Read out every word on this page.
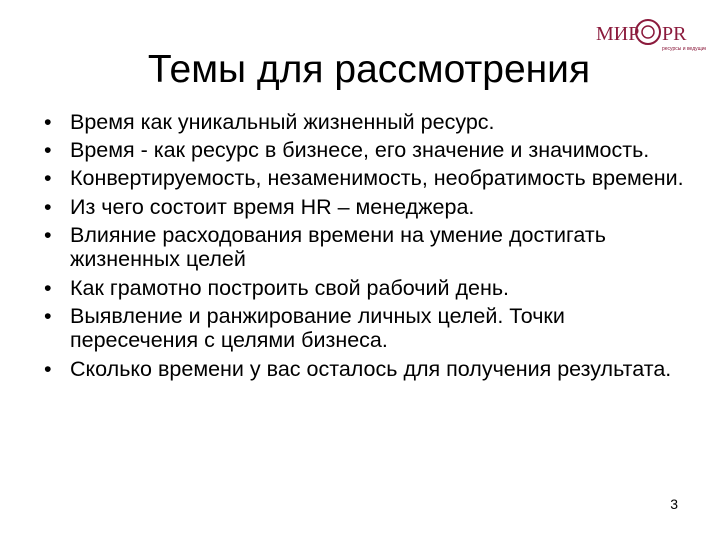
МИР PR
ресурсы и ведущие
Темы для рассмотрения
• Время как уникальный жизненный ресурс.
• Время - как ресурс в бизнесе, его значение и значимость.
• Конвертируемость, незаменимость, необратимость времени.
• Из чего состоит время HR – менеджера.
• Влияние расходования времени на умение достигать жизненных целей
• Как грамотно построить свой рабочий день.
• Выявление и ранжирование личных целей. Точки пересечения с целями бизнеса.
• Сколько времени у вас осталось для получения результата.
3
